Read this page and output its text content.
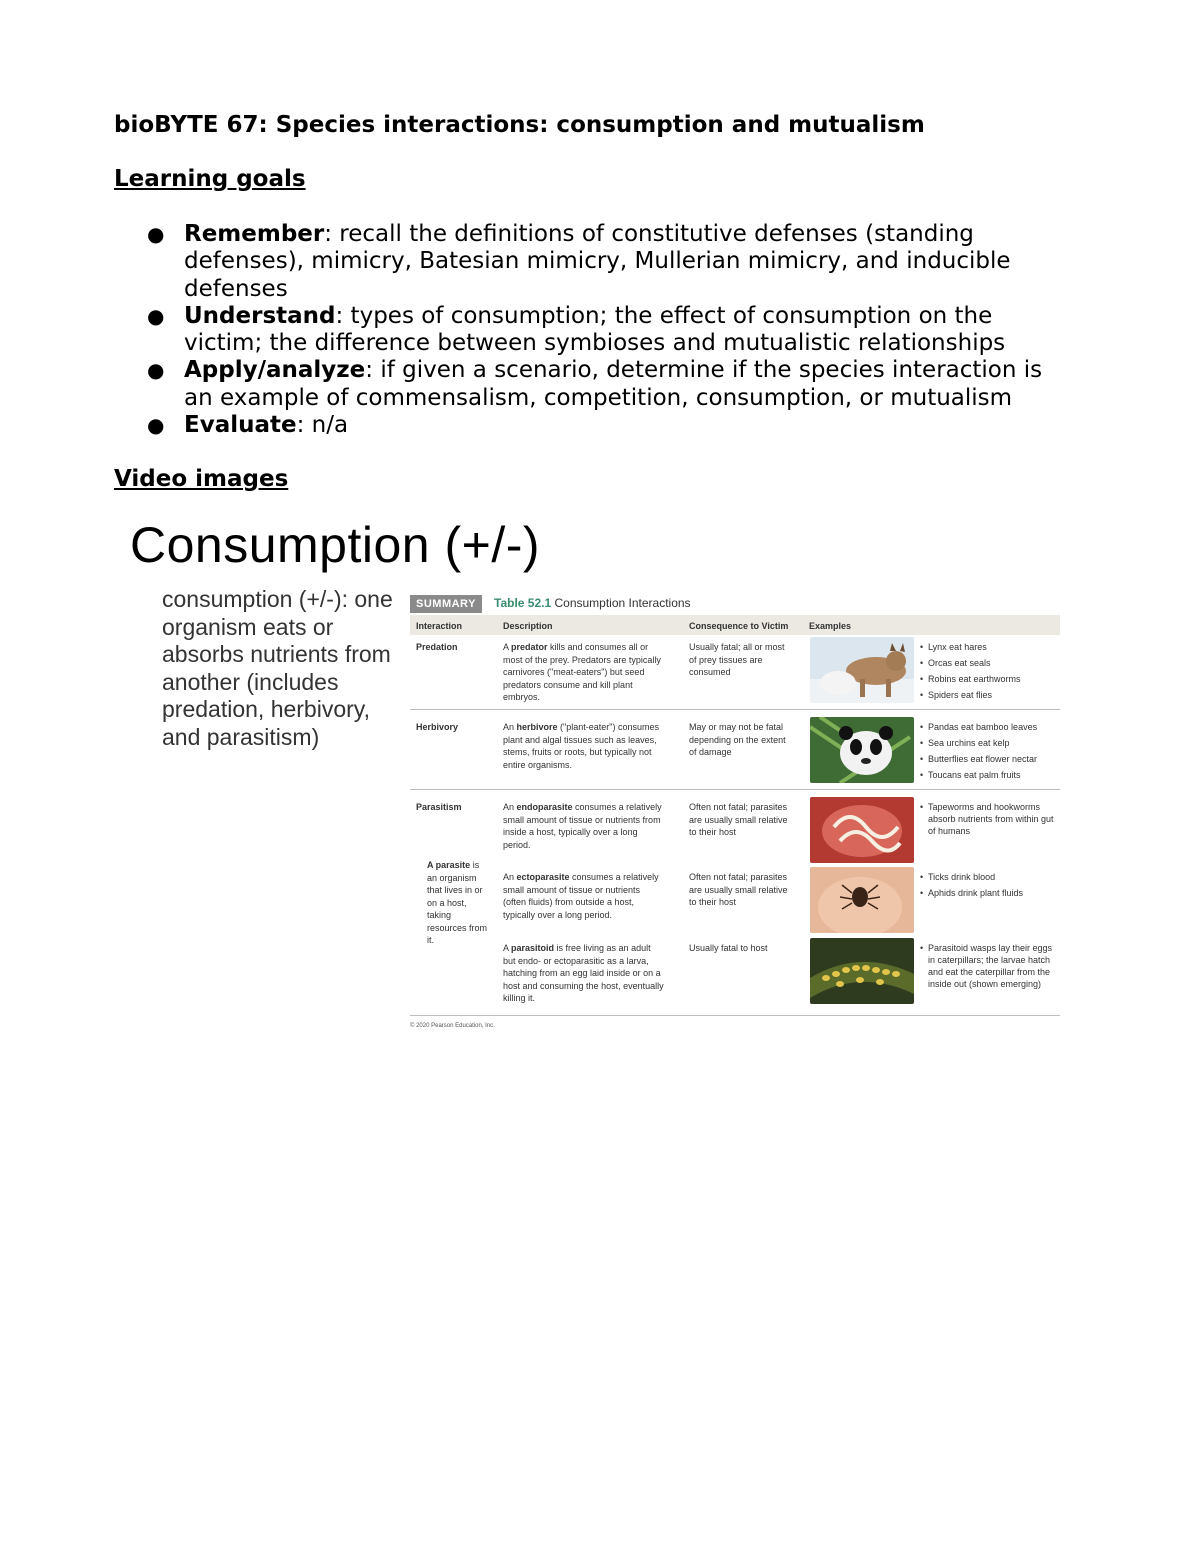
bioBYTE 67: Species interactions: consumption and mutualism
Learning goals
● Remember: recall the definitions of constitutive defenses (standing defenses), mimicry, Batesian mimicry, Mullerian mimicry, and inducible defenses
● Understand: types of consumption; the effect of consumption on the victim; the difference between symbioses and mutualistic relationships
● Apply/analyze: if given a scenario, determine if the species interaction is an example of commensalism, competition, consumption, or mutualism
● Evaluate: n/a
Video images
Consumption (+/-)

consumption (+/-): one organism eats or absorbs nutrients from another (includes predation, herbivory, and parasitism)

SUMMARY	Table 52.1 Consumption Interactions
Interaction	Description	Consequence to Victim Examples
Predation	A predator kills and consumes all or most of the prey. Predators are typically carnivores ("meat-eaters") but seed predators consume and kill plant embryos.
Usually fatal; all or most of prey tissues are consumed
• Lynx eat hares
• Orcas eat seals
• Robins eat earthworms
• Spiders eat flies
Herbivory	An herbivore ("plant-eater") consumes plant and algal tissues such as leaves, stems, fruits or roots, but typically not entire organisms.
May or may not be fatal depending on the extent of damage
• Pandas eat bamboo leaves
• Sea urchins eat kelp
• Butterflies eat flower nectar
• Toucans eat palm fruits
Parasitism
A parasite is an organism that lives in or on a host, taking resources from it.
An endoparasite consumes a relatively small amount of tissue or nutrients from inside a host, typically over a long period.
Often not fatal; parasites are usually small relative to their host
• Tapeworms and hookworms absorb nutrients from within gut of humans
An ectoparasite consumes a relatively small amount of tissue or nutrients (often fluids) from outside a host, typically over a long period.
Often not fatal; parasites are usually small relative to their host
• Ticks drink blood
• Aphids drink plant fluids
A parasitoid is free living as an adult but endo- or ectoparasitic as a larva, hatching from an egg laid inside or on a host and consuming the host, eventually killing it.
Usually fatal to host
•	Parasitoid wasps lay their eggs in caterpillars; the larvae hatch and eat the caterpillar from the inside out (shown emerging)
© 2020 Pearson Education, Inc.
